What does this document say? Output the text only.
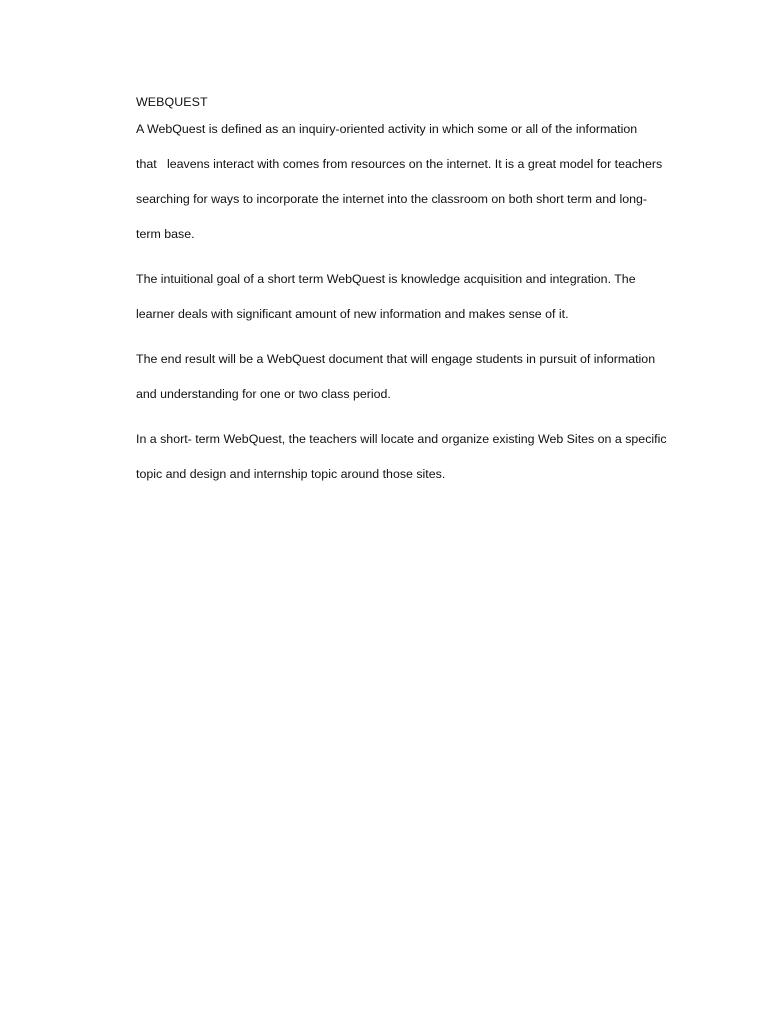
WEBQUEST

A WebQuest is defined as an inquiry-oriented activity in which some or all of the information
that   leavens interact with comes from resources on the internet. It is a great model for teachers
searching for ways to incorporate the internet into the classroom on both short term and long-
term base.

The intuitional goal of a short term WebQuest is knowledge acquisition and integration. The
learner deals with significant amount of new information and makes sense of it.

The end result will be a WebQuest document that will engage students in pursuit of information
and understanding for one or two class period.

In a short- term WebQuest, the teachers will locate and organize existing Web Sites on a specific
topic and design and internship topic around those sites.
